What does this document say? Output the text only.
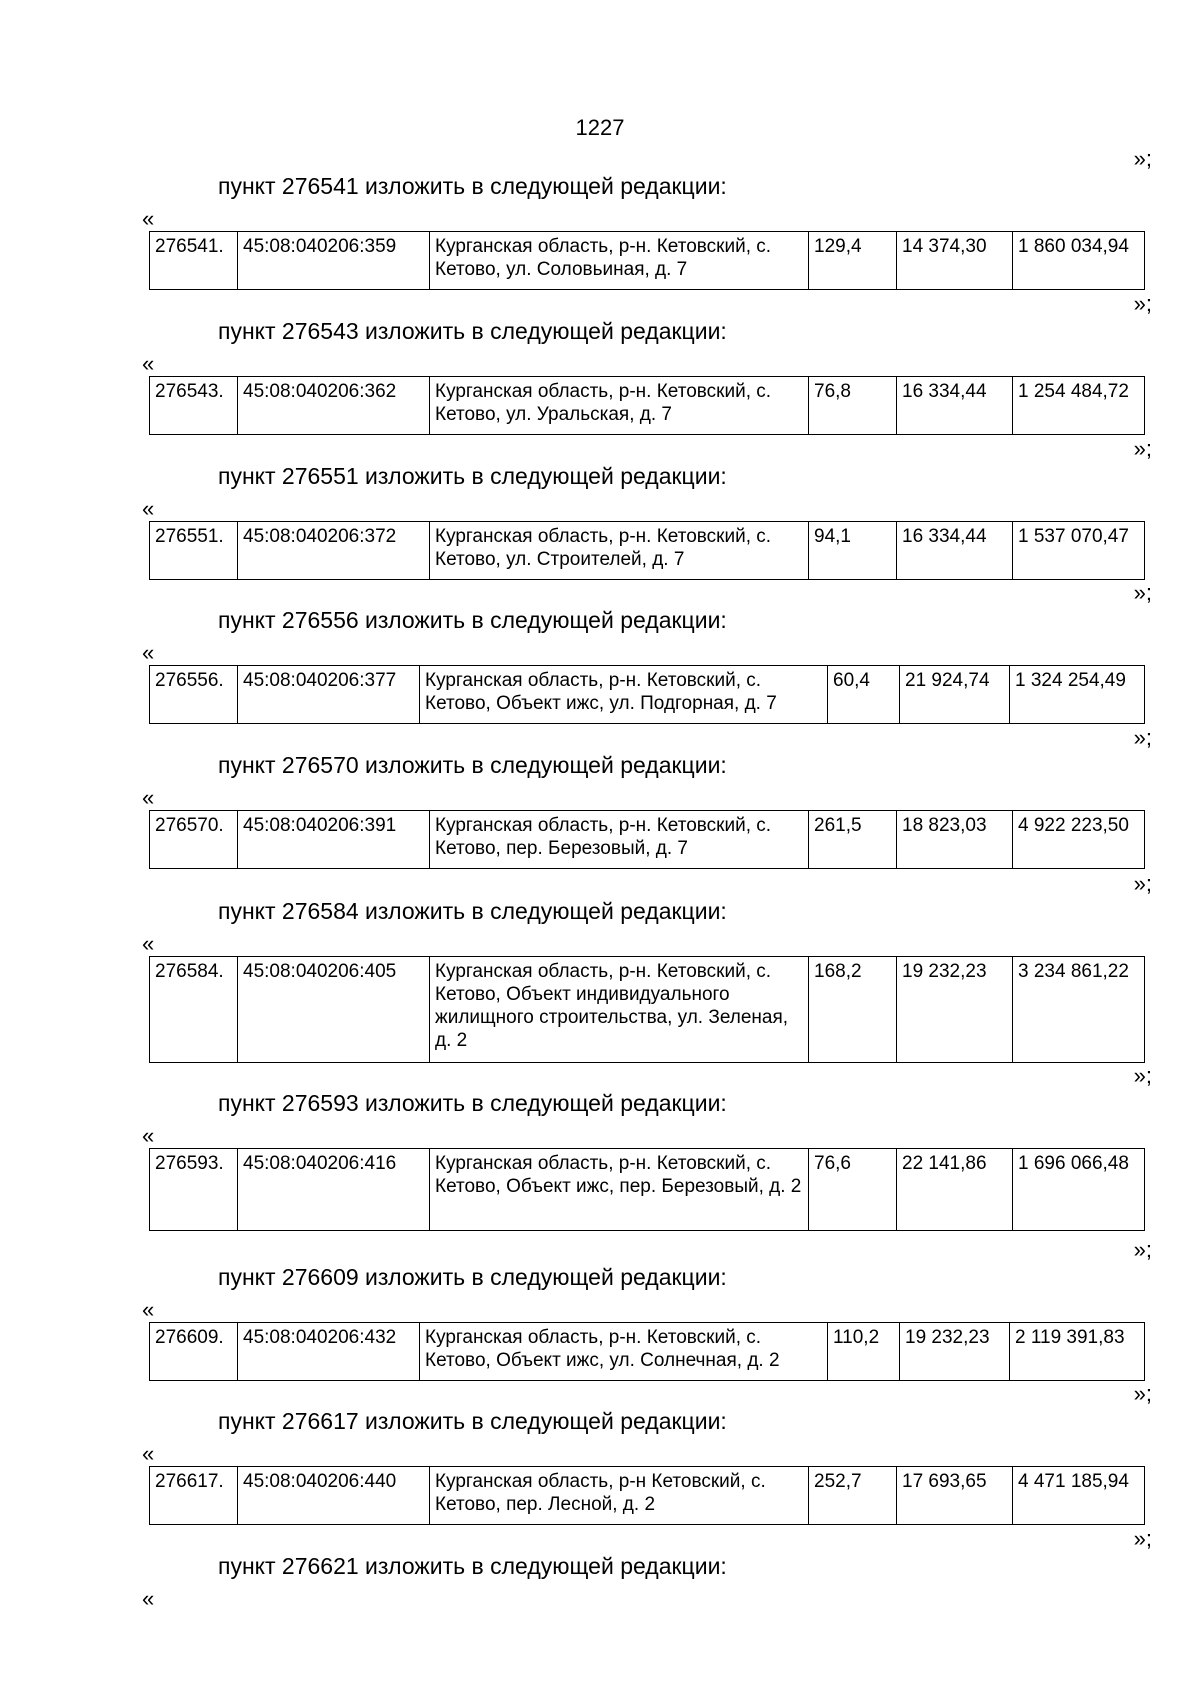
1227
»;
пункт 276541 изложить в следующей редакции:
«
276541.	45:08:040206:359	Курганская область, р-н. Кетовский, с. Кетово, ул. Соловьиная, д. 7	129,4	14 374,30	1 860 034,94
»;
пункт 276543 изложить в следующей редакции:
«
276543.	45:08:040206:362	Курганская область, р-н. Кетовский, с. Кетово, ул. Уральская, д. 7	76,8	16 334,44	1 254 484,72
»;
пункт 276551 изложить в следующей редакции:
«
276551.	45:08:040206:372	Курганская область, р-н. Кетовский, с. Кетово, ул. Строителей, д. 7	94,1	16 334,44	1 537 070,47
»;
пункт 276556 изложить в следующей редакции:
«
276556.	45:08:040206:377	Курганская область, р-н. Кетовский, с. Кетово, Объект ижс, ул. Подгорная, д. 7	60,4	21 924,74	1 324 254,49
»;
пункт 276570 изложить в следующей редакции:
«
276570.	45:08:040206:391	Курганская область, р-н. Кетовский, с. Кетово, пер. Березовый, д. 7	261,5	18 823,03	4 922 223,50
»;
пункт 276584 изложить в следующей редакции:
«
276584.	45:08:040206:405	Курганская область, р-н. Кетовский, с. Кетово, Объект индивидуального жилищного строительства, ул. Зеленая, д. 2	168,2	19 232,23	3 234 861,22
»;
пункт 276593 изложить в следующей редакции:
«
276593.	45:08:040206:416	Курганская область, р-н. Кетовский, с. Кетово, Объект ижс, пер. Березовый, д. 2	76,6	22 141,86	1 696 066,48
»;
пункт 276609 изложить в следующей редакции:
«
276609.	45:08:040206:432	Курганская область, р-н. Кетовский, с. Кетово, Объект ижс, ул. Солнечная, д. 2	110,2	19 232,23	2 119 391,83
»;
пункт 276617 изложить в следующей редакции:
«
276617.	45:08:040206:440	Курганская область, р-н Кетовский, с. Кетово, пер. Лесной, д. 2	252,7	17 693,65	4 471 185,94
»;
пункт 276621 изложить в следующей редакции:
«
